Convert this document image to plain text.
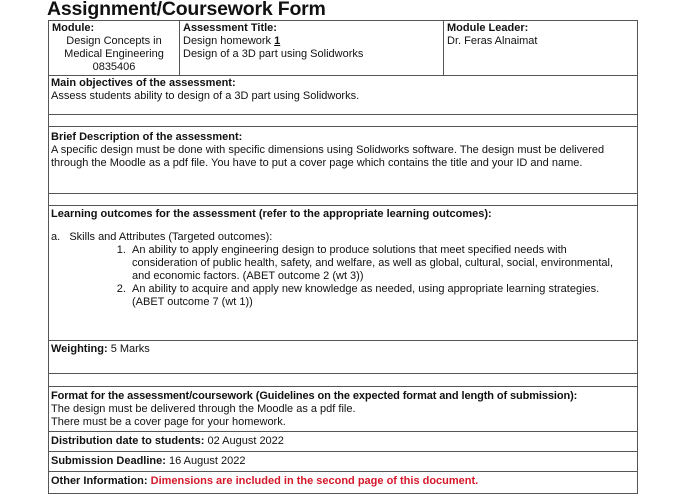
Assignment/Coursework Form
Module:
Design Concepts in
Medical Engineering
0835406
Assessment Title:
Design homework 1
Design of a 3D part using Solidworks
Module Leader:
Dr. Feras Alnaimat
Main objectives of the assessment:
Assess students ability to design of a 3D part using Solidworks.
Brief Description of the assessment:
A specific design must be done with specific dimensions using Solidworks software. The design must be delivered through the Moodle as a pdf file. You have to put a cover page which contains the title and your ID and name.
Learning outcomes for the assessment (refer to the appropriate learning outcomes):
a.   Skills and Attributes (Targeted outcomes):
1. An ability to apply engineering design to produce solutions that meet specified needs with consideration of public health, safety, and welfare, as well as global, cultural, social, environmental, and economic factors. (ABET outcome 2 (wt 3))
2. An ability to acquire and apply new knowledge as needed, using appropriate learning strategies. (ABET outcome 7 (wt 1))
Weighting: 5 Marks
Format for the assessment/coursework (Guidelines on the expected format and length of submission):
The design must be delivered through the Moodle as a pdf file.
There must be a cover page for your homework.
Distribution date to students: 02 August 2022
Submission Deadline: 16 August 2022
Other Information: Dimensions are included in the second page of this document.
